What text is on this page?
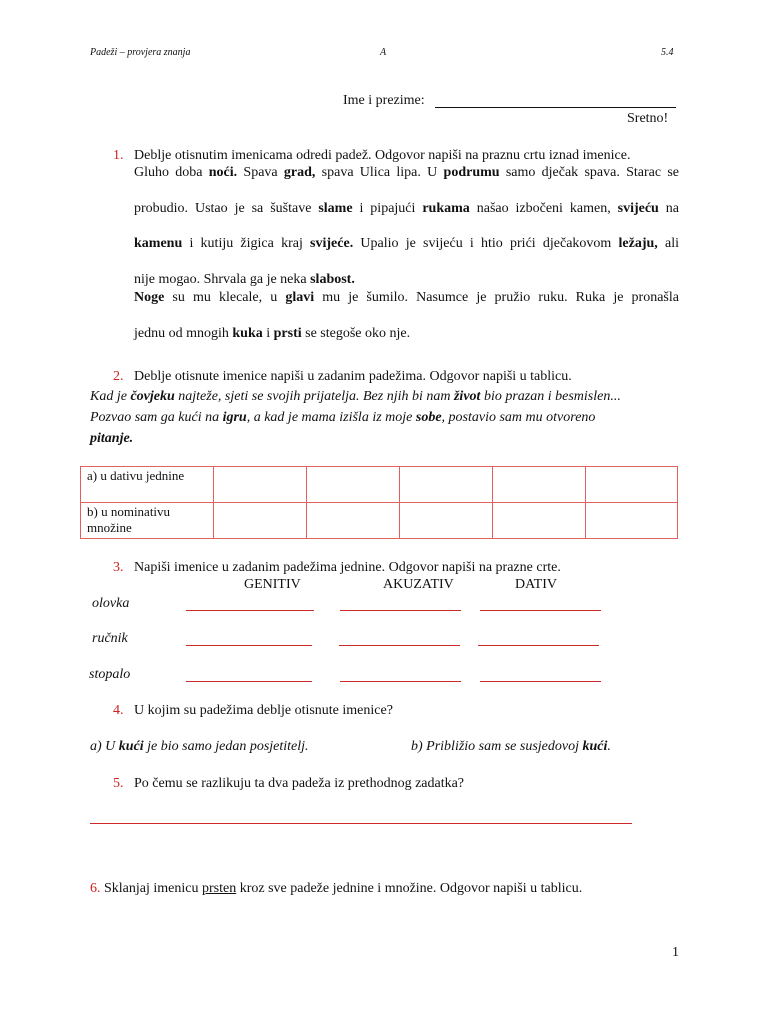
Padeži – provjera znanja	A	5.4
Ime i prezime:
Sretno!
1. Deblje otisnutim imenicama odredi padež. Odgovor napiši na praznu crtu iznad imenice.
Gluho doba noći. Spava grad, spava Ulica lipa. U podrumu samo dječak spava. Starac se
probudio. Ustao je sa šuštave slame i pipajući rukama našao izbočeni kamen, svijeću na
kamenu i kutiju žigica kraj svijeće. Upalio je svijeću i htio prići dječakovom ležaju, ali
nije mogao. Shrvala ga je neka slabost.
Noge su mu klecale, u glavi mu je šumilo. Nasumce je pružio ruku. Ruka je pronašla
jednu od mnogih kuka i prsti se stegoše oko nje.
2. Deblje otisnute imenice napiši u zadanim padežima. Odgovor napiši u tablicu.
Kad je čovjeku najteže, sjeti se svojih prijatelja. Bez njih bi nam život bio prazan i besmislen...
Pozvao sam ga kući na igru, a kad je mama izišla iz moje sobe, postavio sam mu otvoreno
pitanje.
a) u dativu jednine					
b) u nominativu množine					
3. Napiši imenice u zadanim padežima jednine. Odgovor napiši na prazne crte.
GENITIV	AKUZATIV	DATIV
olovka
ručnik
stopalo
4. U kojim su padežima deblje otisnute imenice?
a) U kući je bio samo jedan posjetitelj.	b) Približio sam se susjedovoj kući.
5. Po čemu se razlikuju ta dva padeža iz prethodnog zadatka?
6. Sklanjaj imenicu prsten kroz sve padeže jednine i množine. Odgovor napiši u tablicu.
1
